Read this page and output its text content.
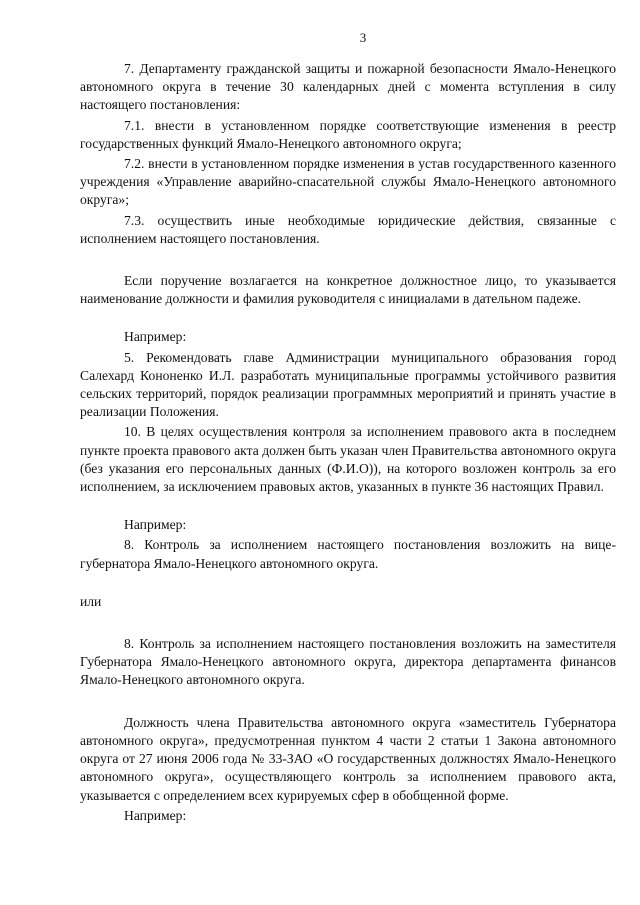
3

7. Департаменту гражданской защиты и пожарной безопасности Ямало-Ненецкого автономного округа в течение 30 календарных дней с момента вступления в силу настоящего постановления:

7.1. внести в установленном порядке соответствующие изменения в реестр государственных функций Ямало-Ненецкого автономного округа;

7.2. внести в установленном порядке изменения в устав государственного казенного учреждения «Управление аварийно-спасательной службы Ямало-Ненецкого автономного округа»;

7.3. осуществить иные необходимые юридические действия, связанные с исполнением настоящего постановления.

Если поручение возлагается на конкретное должностное лицо, то указывается наименование должности и фамилия руководителя с инициалами в дательном падеже.

Например:

5. Рекомендовать главе Администрации муниципального образования город Салехард Кононенко И.Л. разработать муниципальные программы устойчивого развития сельских территорий, порядок реализации программных мероприятий и принять участие в реализации Положения.

10. В целях осуществления контроля за исполнением правового акта в последнем пункте проекта правового акта должен быть указан член Правительства автономного округа (без указания его персональных данных (Ф.И.О)), на которого возложен контроль за его исполнением, за исключением правовых актов, указанных в пункте 36 настоящих Правил.

Например:

8. Контроль за исполнением настоящего постановления возложить на вице-губернатора Ямало-Ненецкого автономного округа.

или

8. Контроль за исполнением настоящего постановления возложить на заместителя Губернатора Ямало-Ненецкого автономного округа, директора департамента финансов Ямало-Ненецкого автономного округа.

Должность члена Правительства автономного округа «заместитель Губернатора автономного округа», предусмотренная пунктом 4 части 2 статьи 1 Закона автономного округа от 27 июня 2006 года № 33-ЗАО «О государственных должностях Ямало-Ненецкого автономного округа», осуществляющего контроль за исполнением правового акта, указывается с определением всех курируемых сфер в обобщенной форме.

Например:
